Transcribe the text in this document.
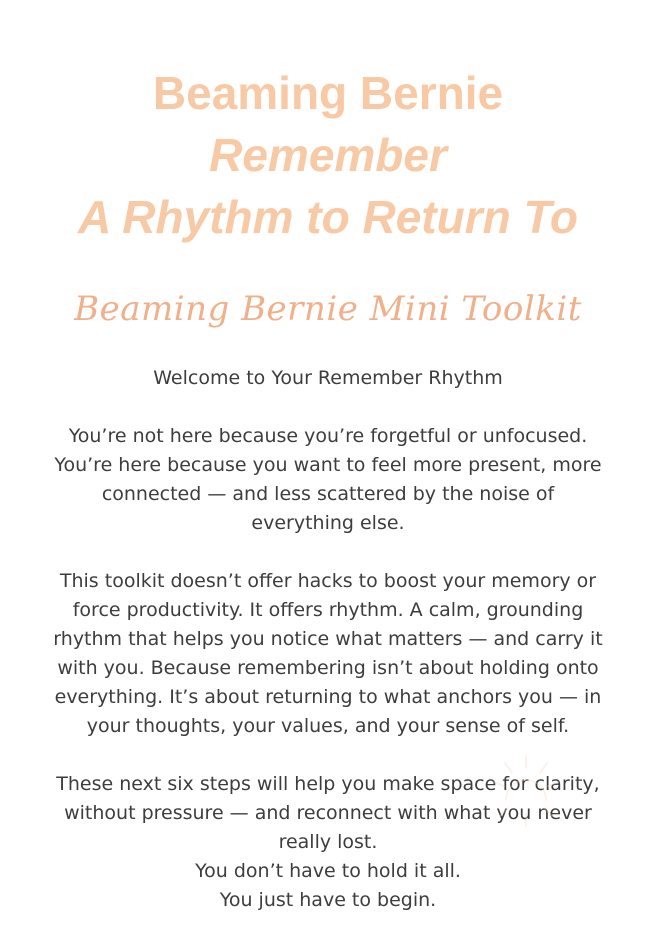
Beaming Bernie
Remember
A Rhythm to Return To
Beaming Bernie Mini Toolkit

Welcome to Your Remember Rhythm

You’re not here because you’re forgetful or unfocused.

You’re here because you want to feel more present, more

connected — and less scattered by the noise of

everything else.

This toolkit doesn’t offer hacks to boost your memory or

force productivity. It offers rhythm. A calm, grounding

rhythm that helps you notice what matters — and carry it

with you. Because remembering isn’t about holding onto

everything. It’s about returning to what anchors you — in

your thoughts, your values, and your sense of self.

These next six steps will help you make space for clarity,

without pressure — and reconnect with what you never

really lost.

You don’t have to hold it all.

You just have to begin.
